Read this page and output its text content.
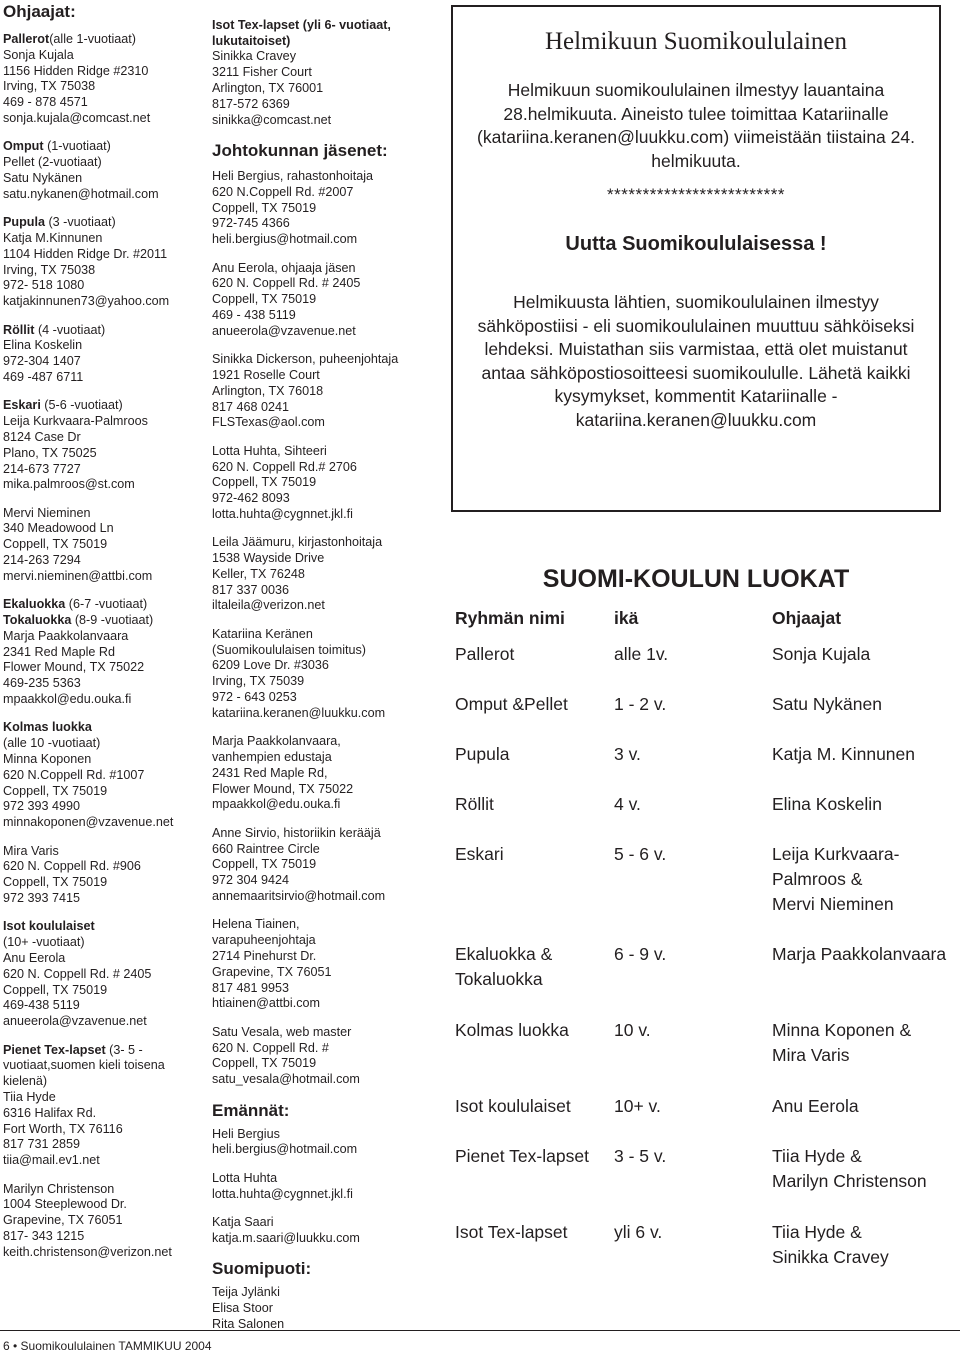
Ohjaajat:
Pallerot(alle 1-vuotiaat)
Sonja Kujala
1156 Hidden Ridge #2310
Irving, TX 75038
469 - 878 4571
sonja.kujala@comcast.net
Omput (1-vuotiaat)
Pellet (2-vuotiaat)
Satu Nykänen
satu.nykanen@hotmail.com
Pupula (3 -vuotiaat)
Katja M.Kinnunen
1104 Hidden Ridge Dr. #2011
Irving, TX 75038
972- 518 1080
katjakinnunen73@yahoo.com
Röllit (4 -vuotiaat)
Elina Koskelin
972-304 1407
469 -487 6711
Eskari (5-6 -vuotiaat)
Leija Kurkvaara-Palmroos
8124 Case Dr
Plano, TX 75025
214-673 7727
mika.palmroos@st.com
Mervi Nieminen
340 Meadowood Ln
Coppell, TX 75019
214-263 7294
mervi.nieminen@attbi.com
Ekaluokka (6-7 -vuotiaat)
Tokaluokka (8-9 -vuotiaat)
Marja Paakkolanvaara
2341 Red Maple Rd
Flower Mound, TX 75022
469-235 5363
mpaakkol@edu.ouka.fi
Kolmas luokka
(alle 10 -vuotiaat)
Minna Koponen
620 N.Coppell Rd. #1007
Coppell, TX 75019
972 393 4990
minnakoponen@vzavenue.net
Mira Varis
620 N. Coppell Rd. #906
Coppell, TX 75019
972 393 7415
Isot koululaiset
(10+ -vuotiaat)
Anu Eerola
620 N. Coppell Rd. # 2405
Coppell, TX 75019
469-438 5119
anueerola@vzavenue.net
Pienet Tex-lapset (3- 5 -
vuotiaat,suomen kieli toisena
kielenä)
Tiia Hyde
6316 Halifax Rd.
Fort Worth, TX 76116
817 731 2859
tiia@mail.ev1.net
Marilyn Christenson
1004 Steeplewood Dr.
Grapevine, TX 76051
817- 343 1215
keith.christenson@verizon.net

Isot Tex-lapset (yli 6- vuotiaat,
lukutaitoiset)
Sinikka Cravey
3211 Fisher Court
Arlington, TX 76001
817-572 6369
sinikka@comcast.net

Johtokunnan jäsenet:
Heli Bergius, rahastonhoitaja
620 N.Coppell Rd. #2007
Coppell, TX 75019
972-745 4366
heli.bergius@hotmail.com
Anu Eerola, ohjaaja jäsen
620 N. Coppell Rd. # 2405
Coppell, TX 75019
469 - 438 5119
anueerola@vzavenue.net
Sinikka Dickerson, puheenjohtaja
1921 Roselle Court
Arlington, TX 76018
817 468 0241
FLSTexas@aol.com
Lotta Huhta, Sihteeri
620 N. Coppell Rd.# 2706
Coppell, TX 75019
972-462 8093
lotta.huhta@cygnnet.jkl.fi
Leila Jäämuru, kirjastonhoitaja
1538 Wayside Drive
Keller, TX 76248
817 337 0036
iltaleila@verizon.net
Katariina Keränen
(Suomikoululaisen toimitus)
6209 Love Dr. #3036
Irving, TX 75039
972 - 643 0253
katariina.keranen@luukku.com
Marja Paakkolanvaara,
vanhempien edustaja
2431 Red Maple Rd,
Flower Mound, TX 75022
mpaakkol@edu.ouka.fi
Anne Sirvio, historiikin kerääjä
660 Raintree Circle
Coppell, TX 75019
972 304 9424
annemaaritsirvio@hotmail.com
Helena Tiainen,
varapuheenjohtaja
2714 Pinehurst Dr.
Grapevine, TX 76051
817 481 9953
htiainen@attbi.com
Satu Vesala, web master
620 N. Coppell Rd. #
Coppell, TX 75019
satu_vesala@hotmail.com
Emännät:
Heli Bergius
heli.bergius@hotmail.com
Lotta Huhta
lotta.huhta@cygnnet.jkl.fi
Katja Saari
katja.m.saari@luukku.com
Suomipuoti:
Teija Jylänki
Elisa Stoor
Rita Salonen
Helmikuun Suomikoululainen
Helmikuun suomikoululainen ilmestyy lauantaina 28.helmikuuta. Aineisto tulee toimittaa Katariinalle (katariina.keranen@luukku.com) viimeistään tiistaina 24. helmikuuta.
*************************
Uutta Suomikoululaisessa !
Helmikuusta lähtien, suomikoululainen ilmestyy sähköpostiisi - eli suomikoululainen muuttuu sähköiseksi lehdeksi. Muistathan siis varmistaa, että olet muistanut antaa sähköpostiosoitteesi suomikoululle. Lähetä kaikki kysymykset, kommentit Katariinalle - katariina.keranen@luukku.com
SUOMI-KOULUN LUOKAT
Ryhmän nimi	ikä	Ohjaajat
Pallerot	alle 1v.	Sonja Kujala
Omput &Pellet	1 - 2 v.	Satu Nykänen
Pupula	3 v.	Katja M. Kinnunen
Röllit	4 v.	Elina Koskelin
Eskari	5 - 6 v.	Leija Kurkvaara-
Palmroos &
Mervi Nieminen
Ekaluokka &
Tokaluokka
6 - 9 v.	Marja Paakkolanvaara
Kolmas luokka	10 v.	Minna Koponen &
Mira Varis
Isot koululaiset 10+ v.	Anu Eerola
Pienet Tex-lapset 3 - 5 v.	Tiia Hyde &
Marilyn Christenson
Isot Tex-lapset	yli 6 v.	Tiia Hyde &
Sinikka Cravey
6 • Suomikoululainen TAMMIKUU 2004
